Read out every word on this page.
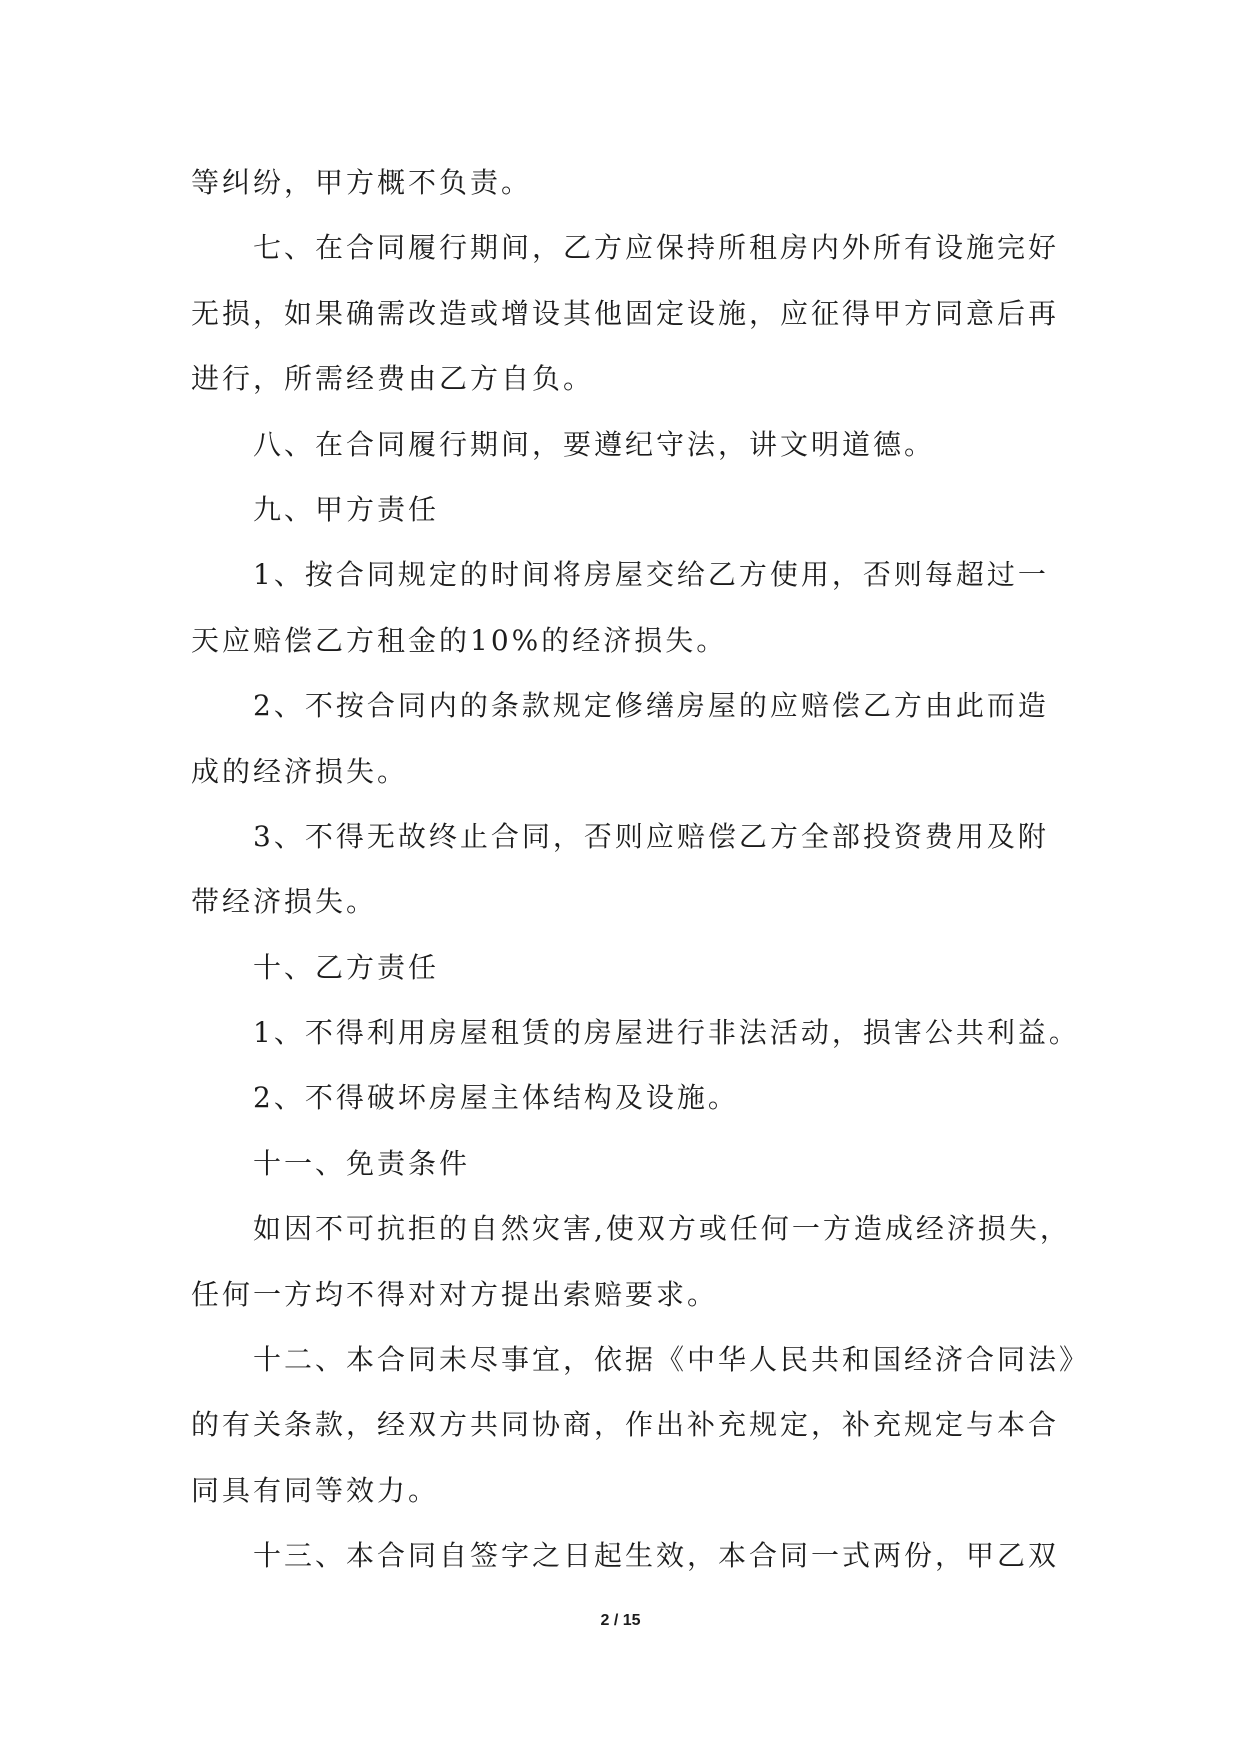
等纠纷，甲方概不负责。
七、在合同履行期间，乙方应保持所租房内外所有设施完好
无损，如果确需改造或增设其他固定设施，应征得甲方同意后再
进行，所需经费由乙方自负。
八、在合同履行期间，要遵纪守法，讲文明道德。
九、甲方责任
1、按合同规定的时间将房屋交给乙方使用，否则每超过一
天应赔偿乙方租金的10%的经济损失。
2、不按合同内的条款规定修缮房屋的应赔偿乙方由此而造
成的经济损失。
3、不得无故终止合同，否则应赔偿乙方全部投资费用及附
带经济损失。
十、乙方责任
1、不得利用房屋租赁的房屋进行非法活动，损害公共利益。
2、不得破坏房屋主体结构及设施。
十一、免责条件
如因不可抗拒的自然灾害,使双方或任何一方造成经济损失，
任何一方均不得对对方提出索赔要求。
十二、本合同未尽事宜，依据《中华人民共和国经济合同法》
的有关条款，经双方共同协商，作出补充规定，补充规定与本合
同具有同等效力。
十三、本合同自签字之日起生效，本合同一式两份，甲乙双
2 / 15
